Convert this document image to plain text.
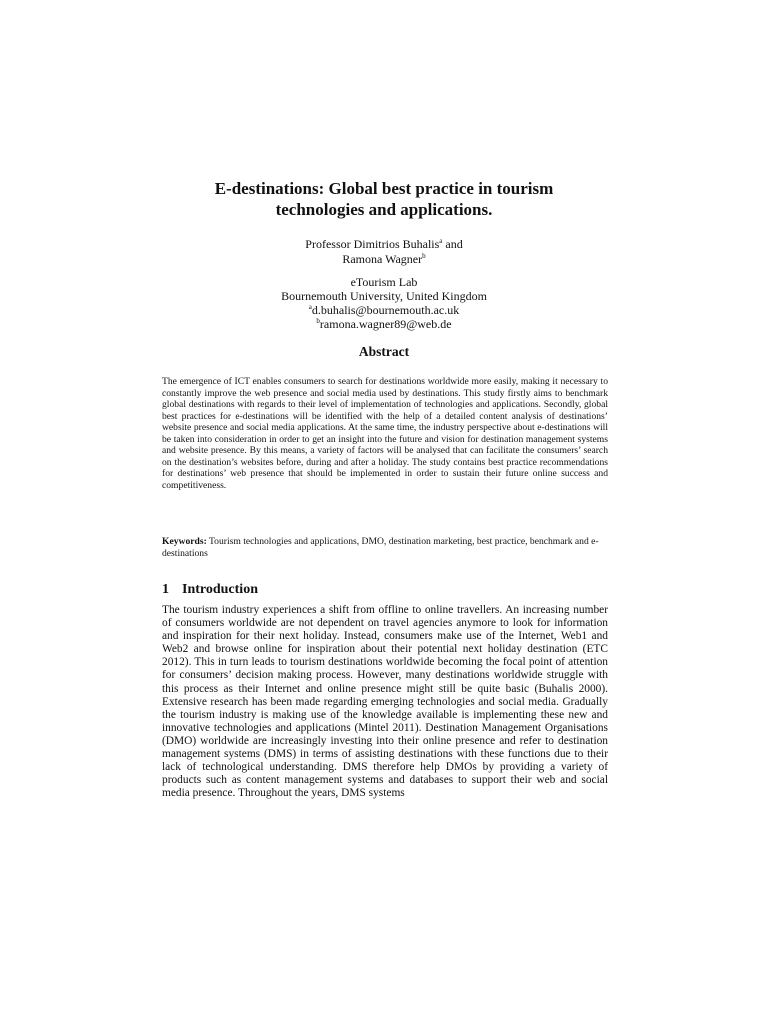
E-destinations: Global best practice in tourism
technologies and applications.
Professor Dimitrios Buhalis$^a$ and
Ramona Wagner$^b$
eTourism Lab
Bournemouth University, United Kingdom
$^a$d.buhalis@bournemouth.ac.uk
$^b$ramona.wagner89@web.de
Abstract

The emergence of ICT enables consumers to search for destinations worldwide more easily, making it necessary to constantly improve the web presence and social media used by destinations. This study firstly aims to benchmark global destinations with regards to their level of implementation of technologies and applications. Secondly, global best practices for e-destinations will be identified with the help of a detailed content analysis of destinations’ website presence and social media applications. At the same time, the industry perspective about e-destinations will be taken into consideration in order to get an insight into the future and vision for destination management systems and website presence. By this means, a variety of factors will be analysed that can facilitate the consumers’ search on the destination’s websites before, during and after a holiday. The study contains best practice recommendations for destinations’ web presence that should be implemented in order to sustain their future online success and competitiveness.

Keywords: Tourism technologies and applications, DMO, destination marketing, best practice, benchmark and e-destinations

1 Introduction

The tourism industry experiences a shift from offline to online travellers. An increasing number of consumers worldwide are not dependent on travel agencies anymore to look for information and inspiration for their next holiday. Instead, consumers make use of the Internet, Web1 and Web2 and browse online for inspiration about their potential next holiday destination (ETC 2012). This in turn leads to tourism destinations worldwide becoming the focal point of attention for consumers’ decision making process. However, many destinations worldwide struggle with this process as their Internet and online presence might still be quite basic (Buhalis 2000). Extensive research has been made regarding emerging technologies and social media. Gradually the tourism industry is making use of the knowledge available is implementing these new and innovative technologies and applications (Mintel 2011). Destination Management Organisations (DMO) worldwide are increasingly investing into their online presence and refer to destination management systems (DMS) in terms of assisting destinations with these functions due to their lack of technological understanding. DMS therefore help DMOs by providing a variety of products such as content management systems and databases to support their web and social media presence. Throughout the years, DMS systems
